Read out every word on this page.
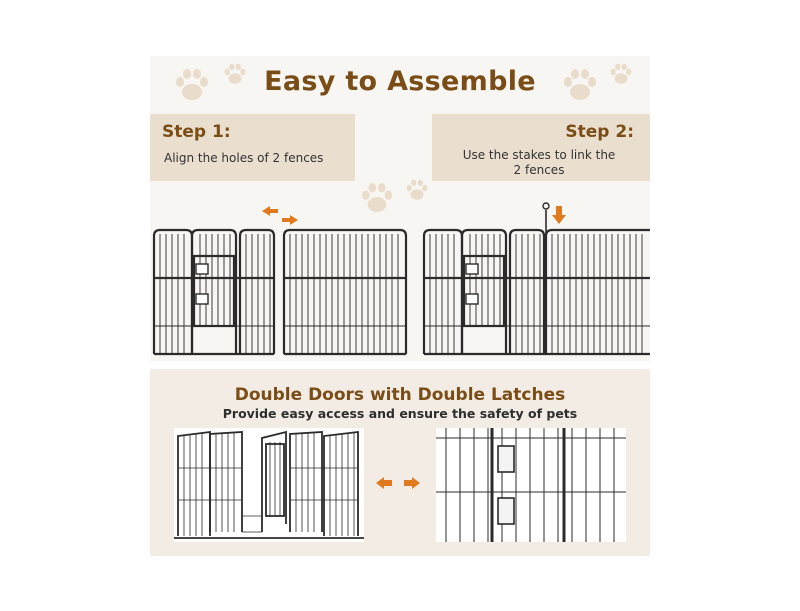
Easy to Assemble
Step 1:
Align the holes of 2 fences
Step 2:
Use the stakes to link the
2 fences
Double Doors with Double Latches
Provide easy access and ensure the safety of pets
